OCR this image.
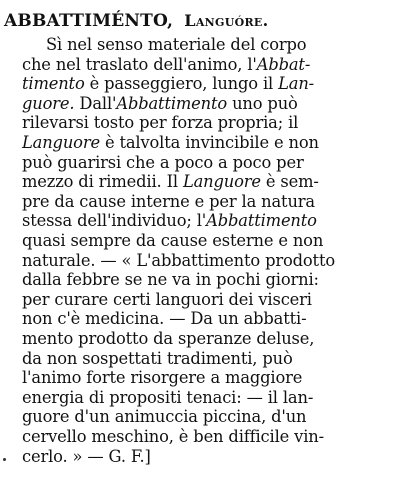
ABBATTIMÉNTO, Languóre.
Sì nel senso materiale del corpo
che nel traslato dell'animo, l'Abbat-
timento è passeggiero, lungo il Lan-
guore. Dall'Abbattimento uno può
rilevarsi tosto per forza propria; il
Languore è talvolta invincibile e non
può guarirsi che a poco a poco per
mezzo di rimedii. Il Languore è sem-
pre da cause interne e per la natura
stessa dell'individuo; l'Abbattimento
quasi sempre da cause esterne e non
naturale. — « L'abbattimento prodotto
dalla febbre se ne va in pochi giorni:
per curare certi languori dei visceri
non c'è medicina. — Da un abbatti-
mento prodotto da speranze deluse,
da non sospettati tradimenti, può
l'animo forte risorgere a maggiore
energia di propositi tenaci: — il lan-
guore d'un animuccia piccina, d'un
cervello meschino, è ben difficile vin-
cerlo. » — G. F.]
